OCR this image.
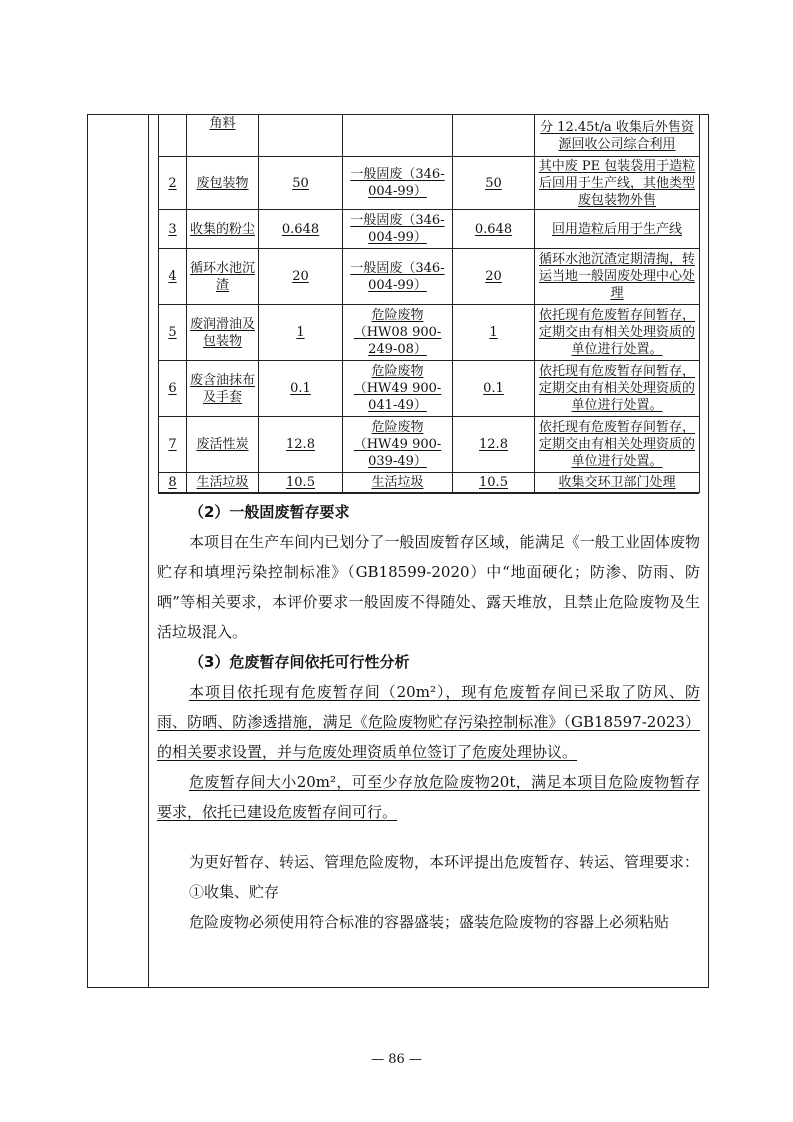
	角料				分 12.45t/a 收集后外售资源回收公司综合利用
2	废包装物	50	一般固废（346-004-99）	50	其中废 PE 包装袋用于造粒后回用于生产线，其他类型废包装物外售
3	收集的粉尘	0.648	一般固废（346-004-99）	0.648	回用造粒后用于生产线
4	循环水池沉渣	20	一般固废（346-004-99）	20	循环水池沉渣定期清掏，转运当地一般固废处理中心处理
5	废润滑油及包装物	1	危险废物（HW08 900-249-08）	1	依托现有危废暂存间暂存，定期交由有相关处理资质的单位进行处置。
6	废含油抹布及手套	0.1	危险废物（HW49 900-041-49）	0.1	依托现有危废暂存间暂存，定期交由有相关处理资质的单位进行处置。
7	废活性炭	12.8	危险废物（HW49 900-039-49）	12.8	依托现有危废暂存间暂存，定期交由有相关处理资质的单位进行处置。
8	生活垃圾	10.5	生活垃圾	10.5	收集交环卫部门处理

（2）一般固废暂存要求

本项目在生产车间内已划分了一般固废暂存区域，能满足《一般工业固体废物贮存和填埋污染控制标准》（GB18599-2020）中“地面硬化；防渗、防雨、防晒”等相关要求，本评价要求一般固废不得随处、露天堆放，且禁止危险废物及生活垃圾混入。

（3）危废暂存间依托可行性分析

本项目依托现有危废暂存间（20m²），现有危废暂存间已采取了防风、防雨、防晒、防渗透措施，满足《危险废物贮存污染控制标准》（GB18597-2023）的相关要求设置，并与危废处理资质单位签订了危废处理协议。

危废暂存间大小20m²，可至少存放危险废物20t，满足本项目危险废物暂存要求，依托已建设危废暂存间可行。

为更好暂存、转运、管理危险废物，本环评提出危废暂存、转运、管理要求：

①收集、贮存

危险废物必须使用符合标准的容器盛装；盛装危险废物的容器上必须粘贴

— 86 —
